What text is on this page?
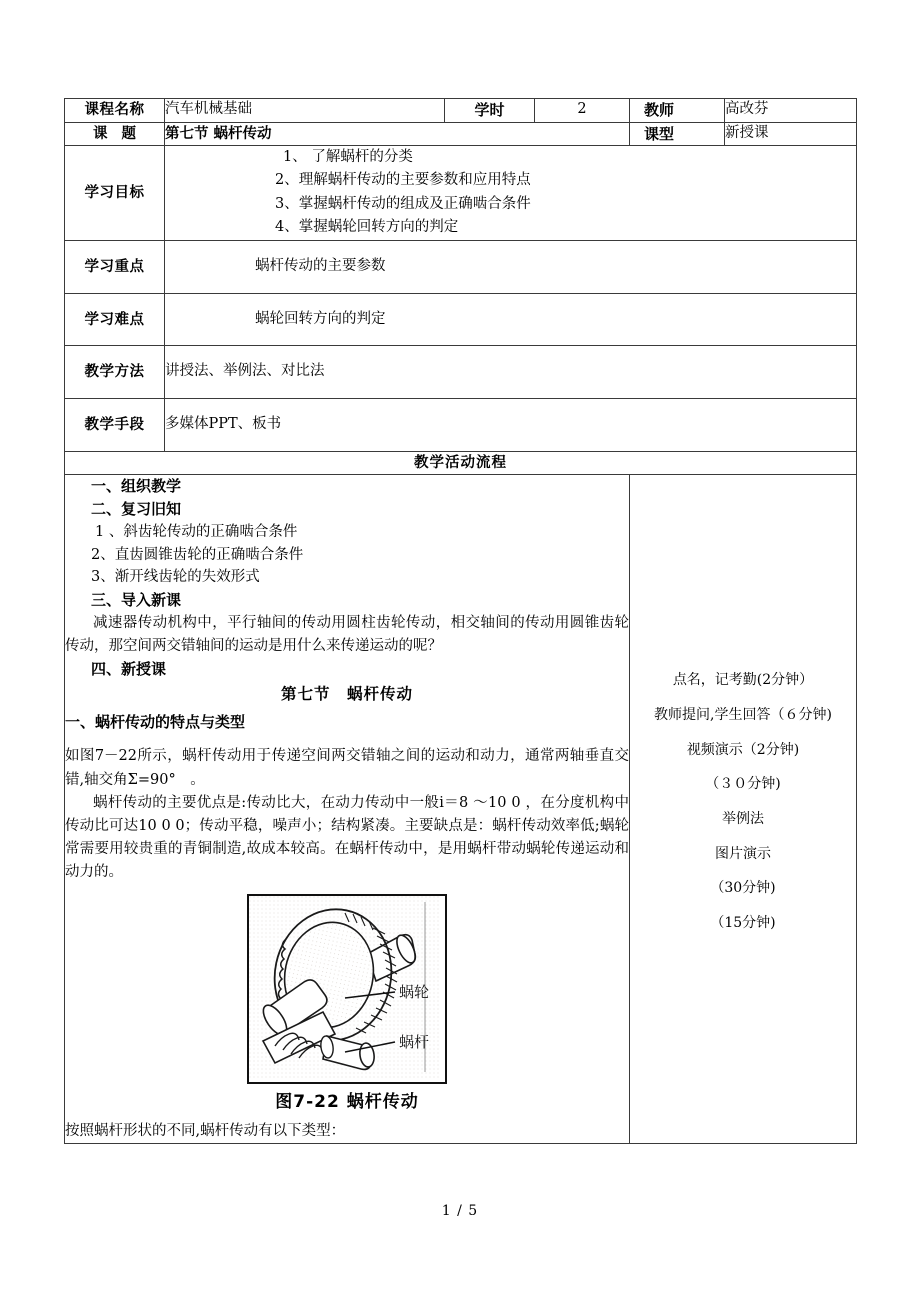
课程名称	汽车机械基础	学时	2	教师	高改芬
课题	第七节 蜗杆传动			课型	新授课
学习目标	1、 了解蜗杆的分类
2、理解蜗杆传动的主要参数和应用特点
3、掌握蜗杆传动的组成及正确啮合条件
4、掌握蜗轮回转方向的判定				

学习重点	蜗杆传动的主要参数				
学习难点	蜗轮回转方向的判定				
教学方法	讲授法、举例法、对比法				
教学手段	多媒体PPT、板书				
教学活动流程					

一、组织教学
二、复习旧知
1 、斜齿轮传动的正确啮合条件
2、直齿圆锥齿轮的正确啮合条件
3、渐开线齿轮的失效形式
三、导入新课
减速器传动机构中，平行轴间的传动用圆柱齿轮传动，相交轴间的传动用圆锥齿轮传动，那空间两交错轴间的运动是用什么来传递运动的呢？
四、新授课
第七节　蜗杆传动
一、蜗杆传动的特点与类型
如图7－22所示，蜗杆传动用于传递空间两交错轴之间的运动和动力，通常两轴垂直交错,轴交角Σ=90°　。
蜗杆传动的主要优点是:传动比大，在动力传动中一般i＝8 ～10 0 ，在分度机构中传动比可达10 0 0；传动平稳，噪声小；结构紧凑。主要缺点是：蜗杆传动效率低;蜗轮常需要用较贵重的青铜制造,故成本较高。在蜗杆传动中，是用蜗杆带动蜗轮传递运动和动力的。
蜗轮
蜗杆
图7-22 蜗杆传动
按照蜗杆形状的不同,蜗杆传动有以下类型：

点名，记考勤(2分钟）
教师提问,学生回答（６分钟)
视频演示（2分钟)
（３０分钟)
举例法
图片演示
（30分钟)
（15分钟)
1 / 5
